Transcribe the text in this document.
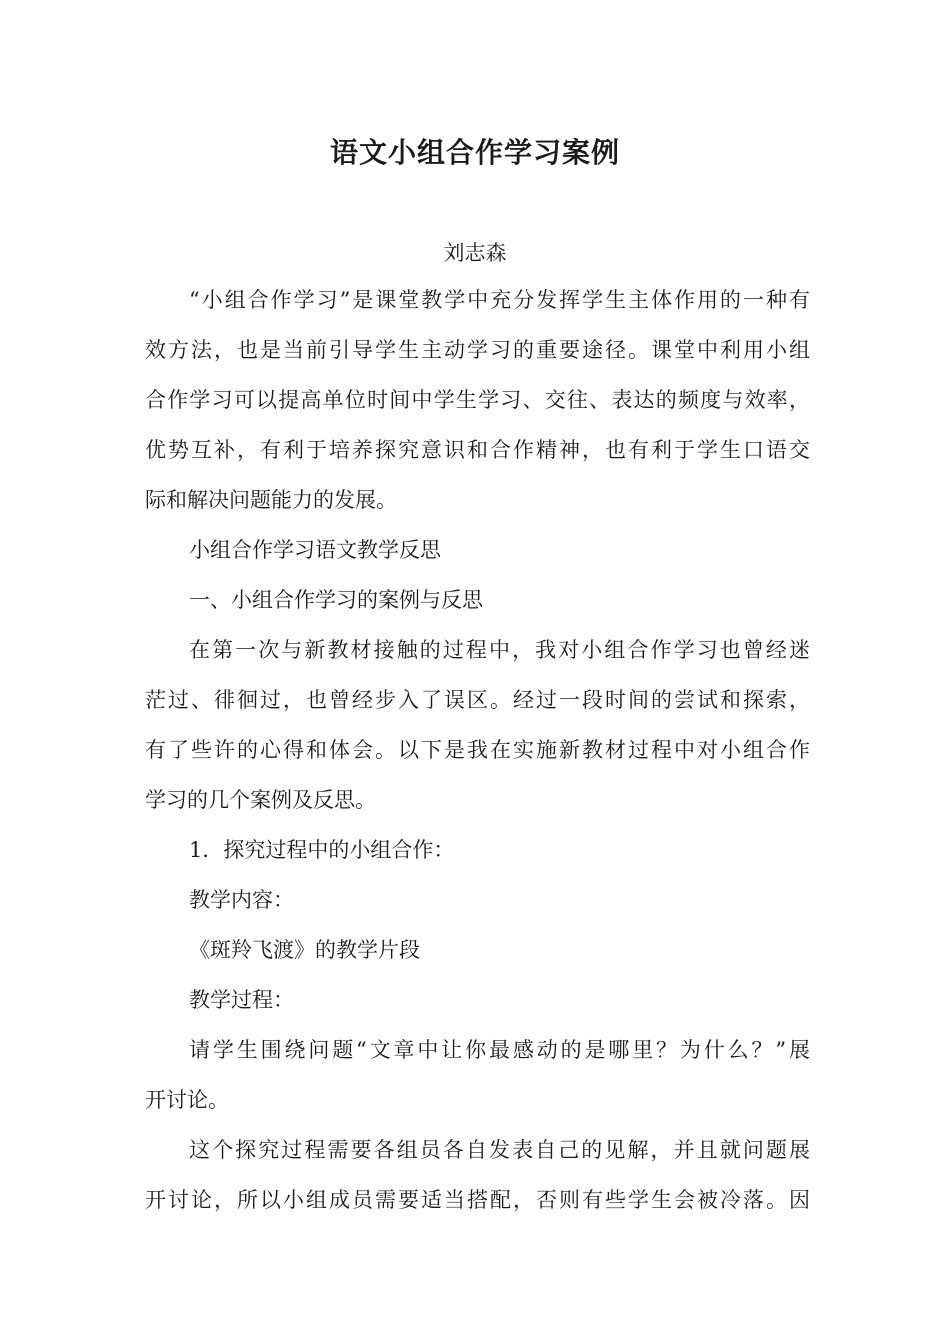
语文小组合作学习案例
刘志森
“小组合作学习”是课堂教学中充分发挥学生主体作用的一种有
效方法，也是当前引导学生主动学习的重要途径。课堂中利用小组
合作学习可以提高单位时间中学生学习、交往、表达的频度与效率，
优势互补，有利于培养探究意识和合作精神，也有利于学生口语交
际和解决问题能力的发展。
小组合作学习语文教学反思
一、小组合作学习的案例与反思
在第一次与新教材接触的过程中，我对小组合作学习也曾经迷
茫过、徘徊过，也曾经步入了误区。经过一段时间的尝试和探索，
有了些许的心得和体会。以下是我在实施新教材过程中对小组合作
学习的几个案例及反思。
1．探究过程中的小组合作：
教学内容：
《斑羚飞渡》的教学片段
教学过程：
请学生围绕问题“文章中让你最感动的是哪里？为什么？”展
开讨论。
这个探究过程需要各组员各自发表自己的见解，并且就问题展
开讨论，所以小组成员需要适当搭配，否则有些学生会被冷落。因
